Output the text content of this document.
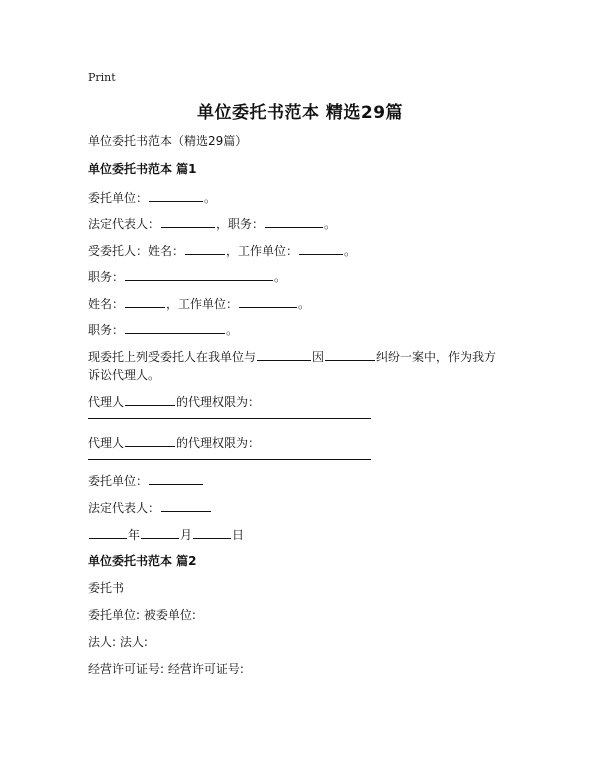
Print
单位委托书范本 精选29篇
单位委托书范本（精选29篇）
单位委托书范本 篇1
委托单位：	。
法定代表人：	，职务：	。
受委托人：姓名：	，工作单位：	。
职务：	。
姓名：	，工作单位：	。
职务：	。
现委托上列受委托人在我单位与	因	纠纷一案中，作为我方诉讼代理人。
代理人	的代理权限为：
代理人	的代理权限为：
委托单位：
法定代表人：
年	月	日
单位委托书范本 篇2
委托书
委托单位: 被委单位:
法人: 法人:
经营许可证号: 经营许可证号:
